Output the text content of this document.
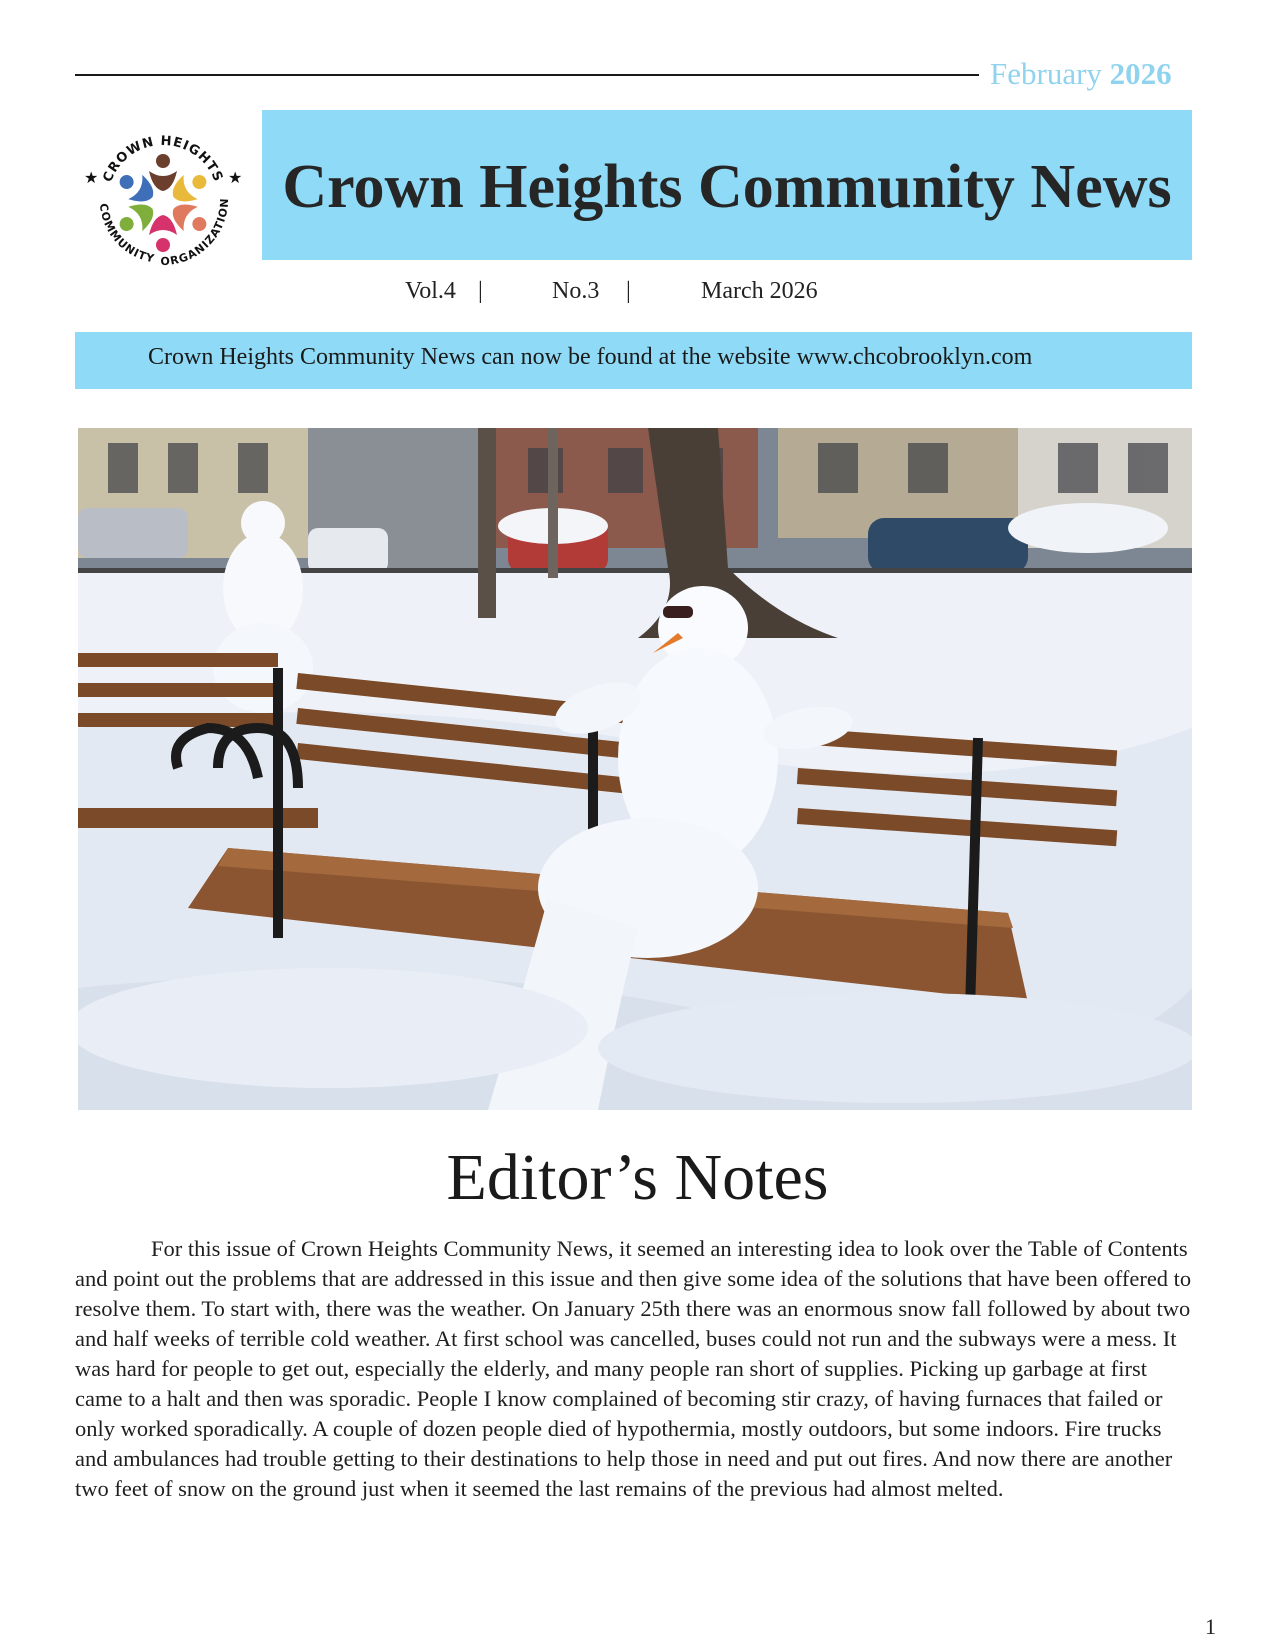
February 2026
CROWN HEIGHTS
COMMUNITY ORGANIZATION
★	★ Crown Heights Community News
Vol.4 |	No.3 |	March 2026
Crown Heights Community News can now be found at the website www.chcobrooklyn.com
Editor’s Notes

For this issue of Crown Heights Community News, it seemed an interesting idea to look over the Table of Contents and point out the problems that are addressed in this issue and then give some idea of the solutions that have been offered to resolve them. To start with, there was the weather. On January 25th there was an enormous snow fall followed by about two and half weeks of terrible cold weather. At first school was cancelled, buses could not run and the subways were a mess. It was hard for people to get out, especially the elderly, and many people ran short of supplies. Picking up garbage at first came to a halt and then was sporadic. People I know complained of becoming stir crazy, of having furnaces that failed or only worked sporadically. A couple of dozen people died of hypothermia, mostly outdoors, but some indoors. Fire trucks and ambulances had trouble getting to their destinations to help those in need and put out fires. And now there are another two feet of snow on the ground just when it seemed the last remains of the previous had almost melted.

1
